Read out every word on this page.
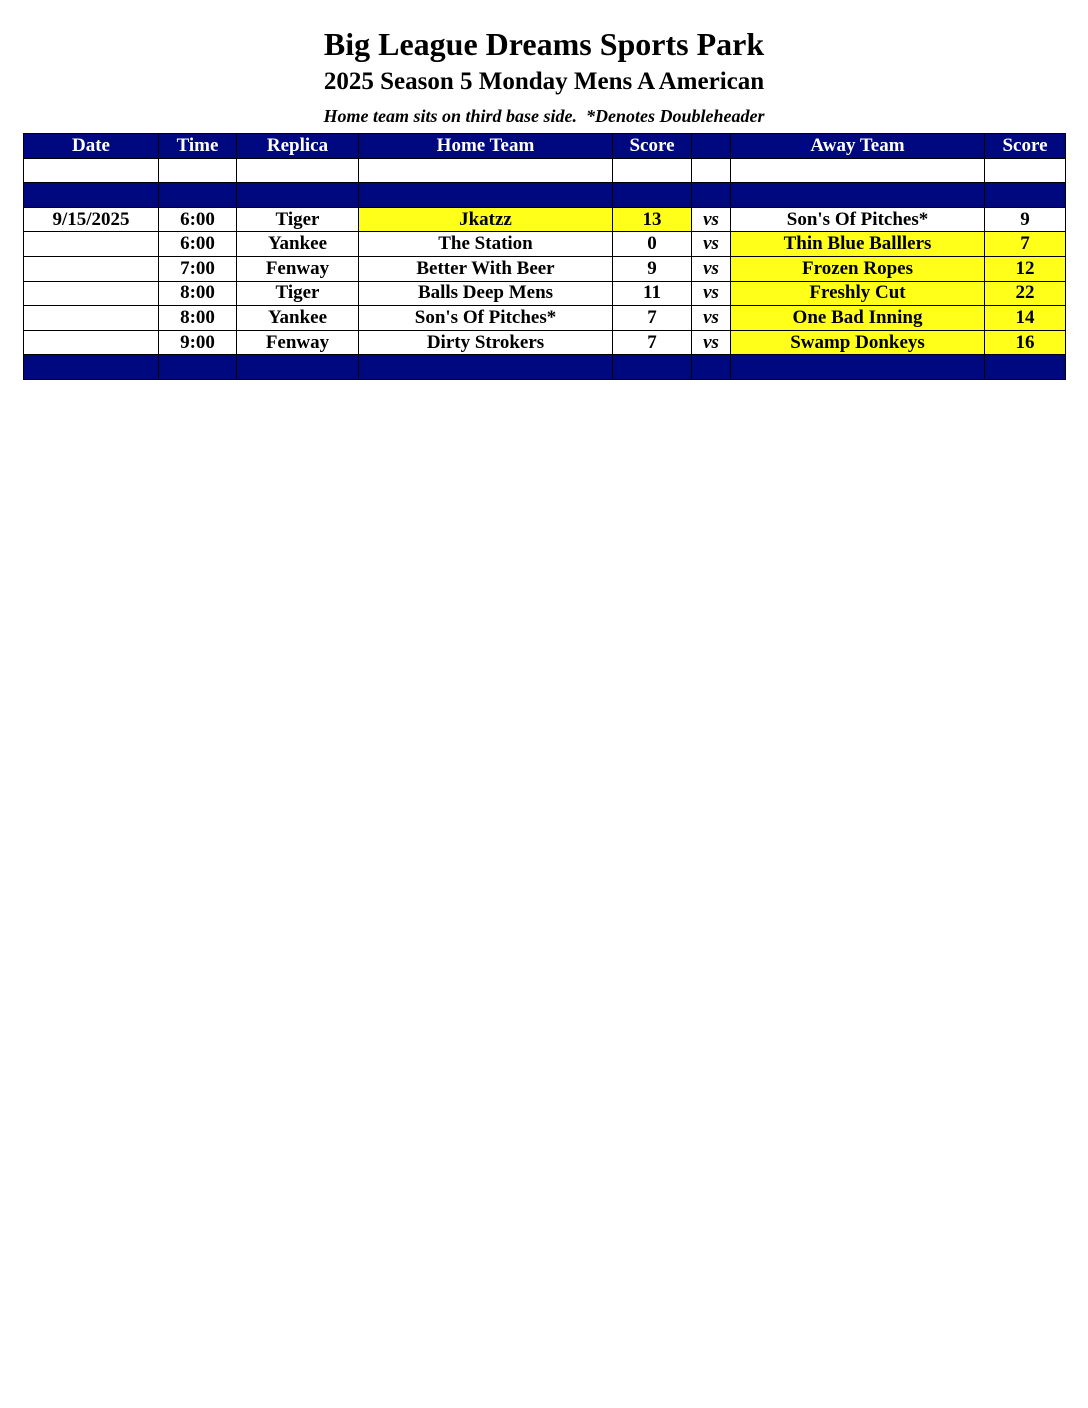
Big League Dreams Sports Park
2025 Season 5 Monday Mens A American
Home team sits on third base side.  *Denotes Doubleheader
Date	Time	Replica	Home Team	Score		Away Team	Score

9/15/2025	6:00	Tiger	Jkatzz	13	vs	Son's Of Pitches*	9
	6:00	Yankee	The Station	0	vs	Thin Blue Balllers	7
	7:00	Fenway	Better With Beer	9	vs	Frozen Ropes	12
	8:00	Tiger	Balls Deep Mens	11	vs	Freshly Cut	22
	8:00	Yankee	Son's Of Pitches*	7	vs	One Bad Inning	14
	9:00	Fenway	Dirty Strokers	7	vs	Swamp Donkeys	16
